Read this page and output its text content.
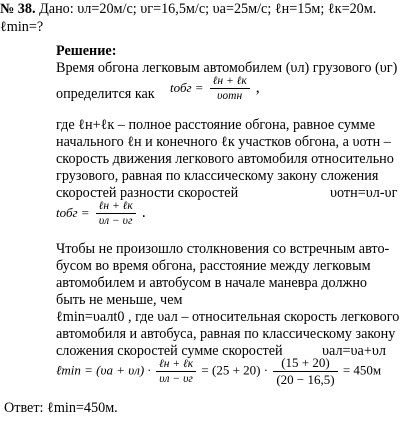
№ 38. Дано: υл=20м/с; υг=16,5м/с; υа=25м/с; ℓн=15м; ℓк=20м.
ℓmin=?
Решение:
Время обгона легковым автомобилем (υл) грузового (υг)
определится как tобг = $\frac{\text{ℓн + ℓк}}{\text{υотн}}$ ,
где ℓн+ℓк – полное расстояние обгона, равное сумме
начального ℓн и конечного ℓк участков обгона, а υотн –
скорость движения легкового автомобиля относительно
грузового, равная по классическому закону сложения
скоростей разности скоростей	υотн=υл-υг
tобг = $\frac{\text{ℓн + ℓк}}{\upsilon л - \upsilon г}$ .
Чтобы не произошло столкновения со встречным авто-
бусом во время обгона, расстояние между легковым
автомобилем и автобусом в начале маневра должно
быть не меньше, чем
ℓmin=υалt0 , где υал – относительная скорость легкового
автомобиля и автобуса, равная по классическому закону
сложения скоростей сумме скоростей	υал=υа+υл
ℓmin = $(\upsilon а + \upsilon л) \cdot \frac{\text{ℓн + ℓк}}{\upsilon л - \upsilon г} = (25 + 20) \cdot \frac{(15 + 20)}{(20 - 16,5)} = 450м$
Ответ: ℓmin=450м.
